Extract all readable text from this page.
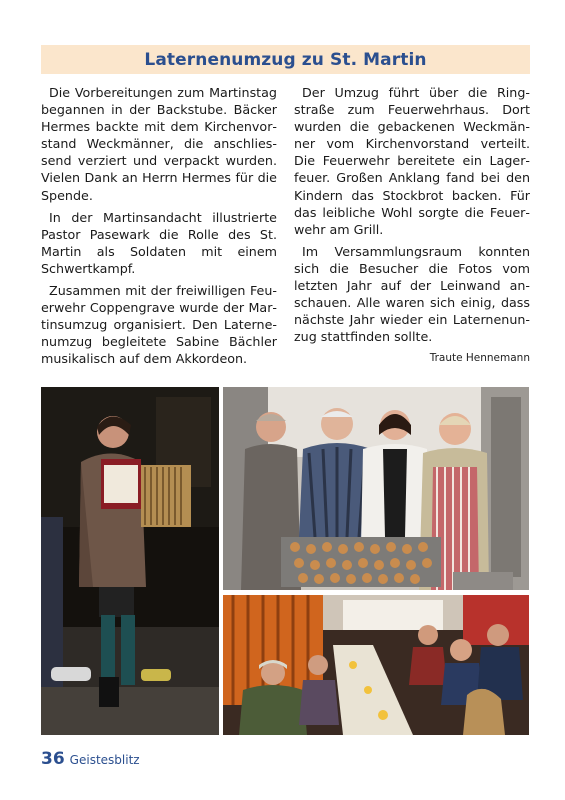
Laternenumzug zu St. Martin

Die Vorbereitungen zum Martinstag begannen in der Backstube. Bäcker Hermes backte mit dem Kirchenvorstand Weckmänner, die anschliessend verziert und verpackt wurden. Vielen Dank an Herrn Hermes für die Spende.

In der Martinsandacht illustrierte Pastor Pasewark die Rolle des St. Martin als Soldaten mit einem Schwertkampf.

Zusammen mit der freiwilligen Feuerwehr Coppengrave wurde der Martinsumzug organisiert. Den Laternenumzug begleitete Sabine Bächler musikalisch auf dem Akkordeon.

Der Umzug führt über die Ringstraße zum Feuerwehrhaus. Dort wurden die gebackenen Weckmänner vom Kirchenvorstand verteilt. Die Feuerwehr bereitete ein Lagerfeuer. Großen Anklang fand bei den Kindern das Stockbrot backen. Für das leibliche Wohl sorgte die Feuerwehr am Grill.

Im Versammlungsraum konnten sich die Besucher die Fotos vom letzten Jahr auf der Leinwand anschauen. Alle waren sich einig, dass nächste Jahr wieder ein Laternenunzug stattfinden sollte.

Traute Hennemann
36 Geistesblitz
